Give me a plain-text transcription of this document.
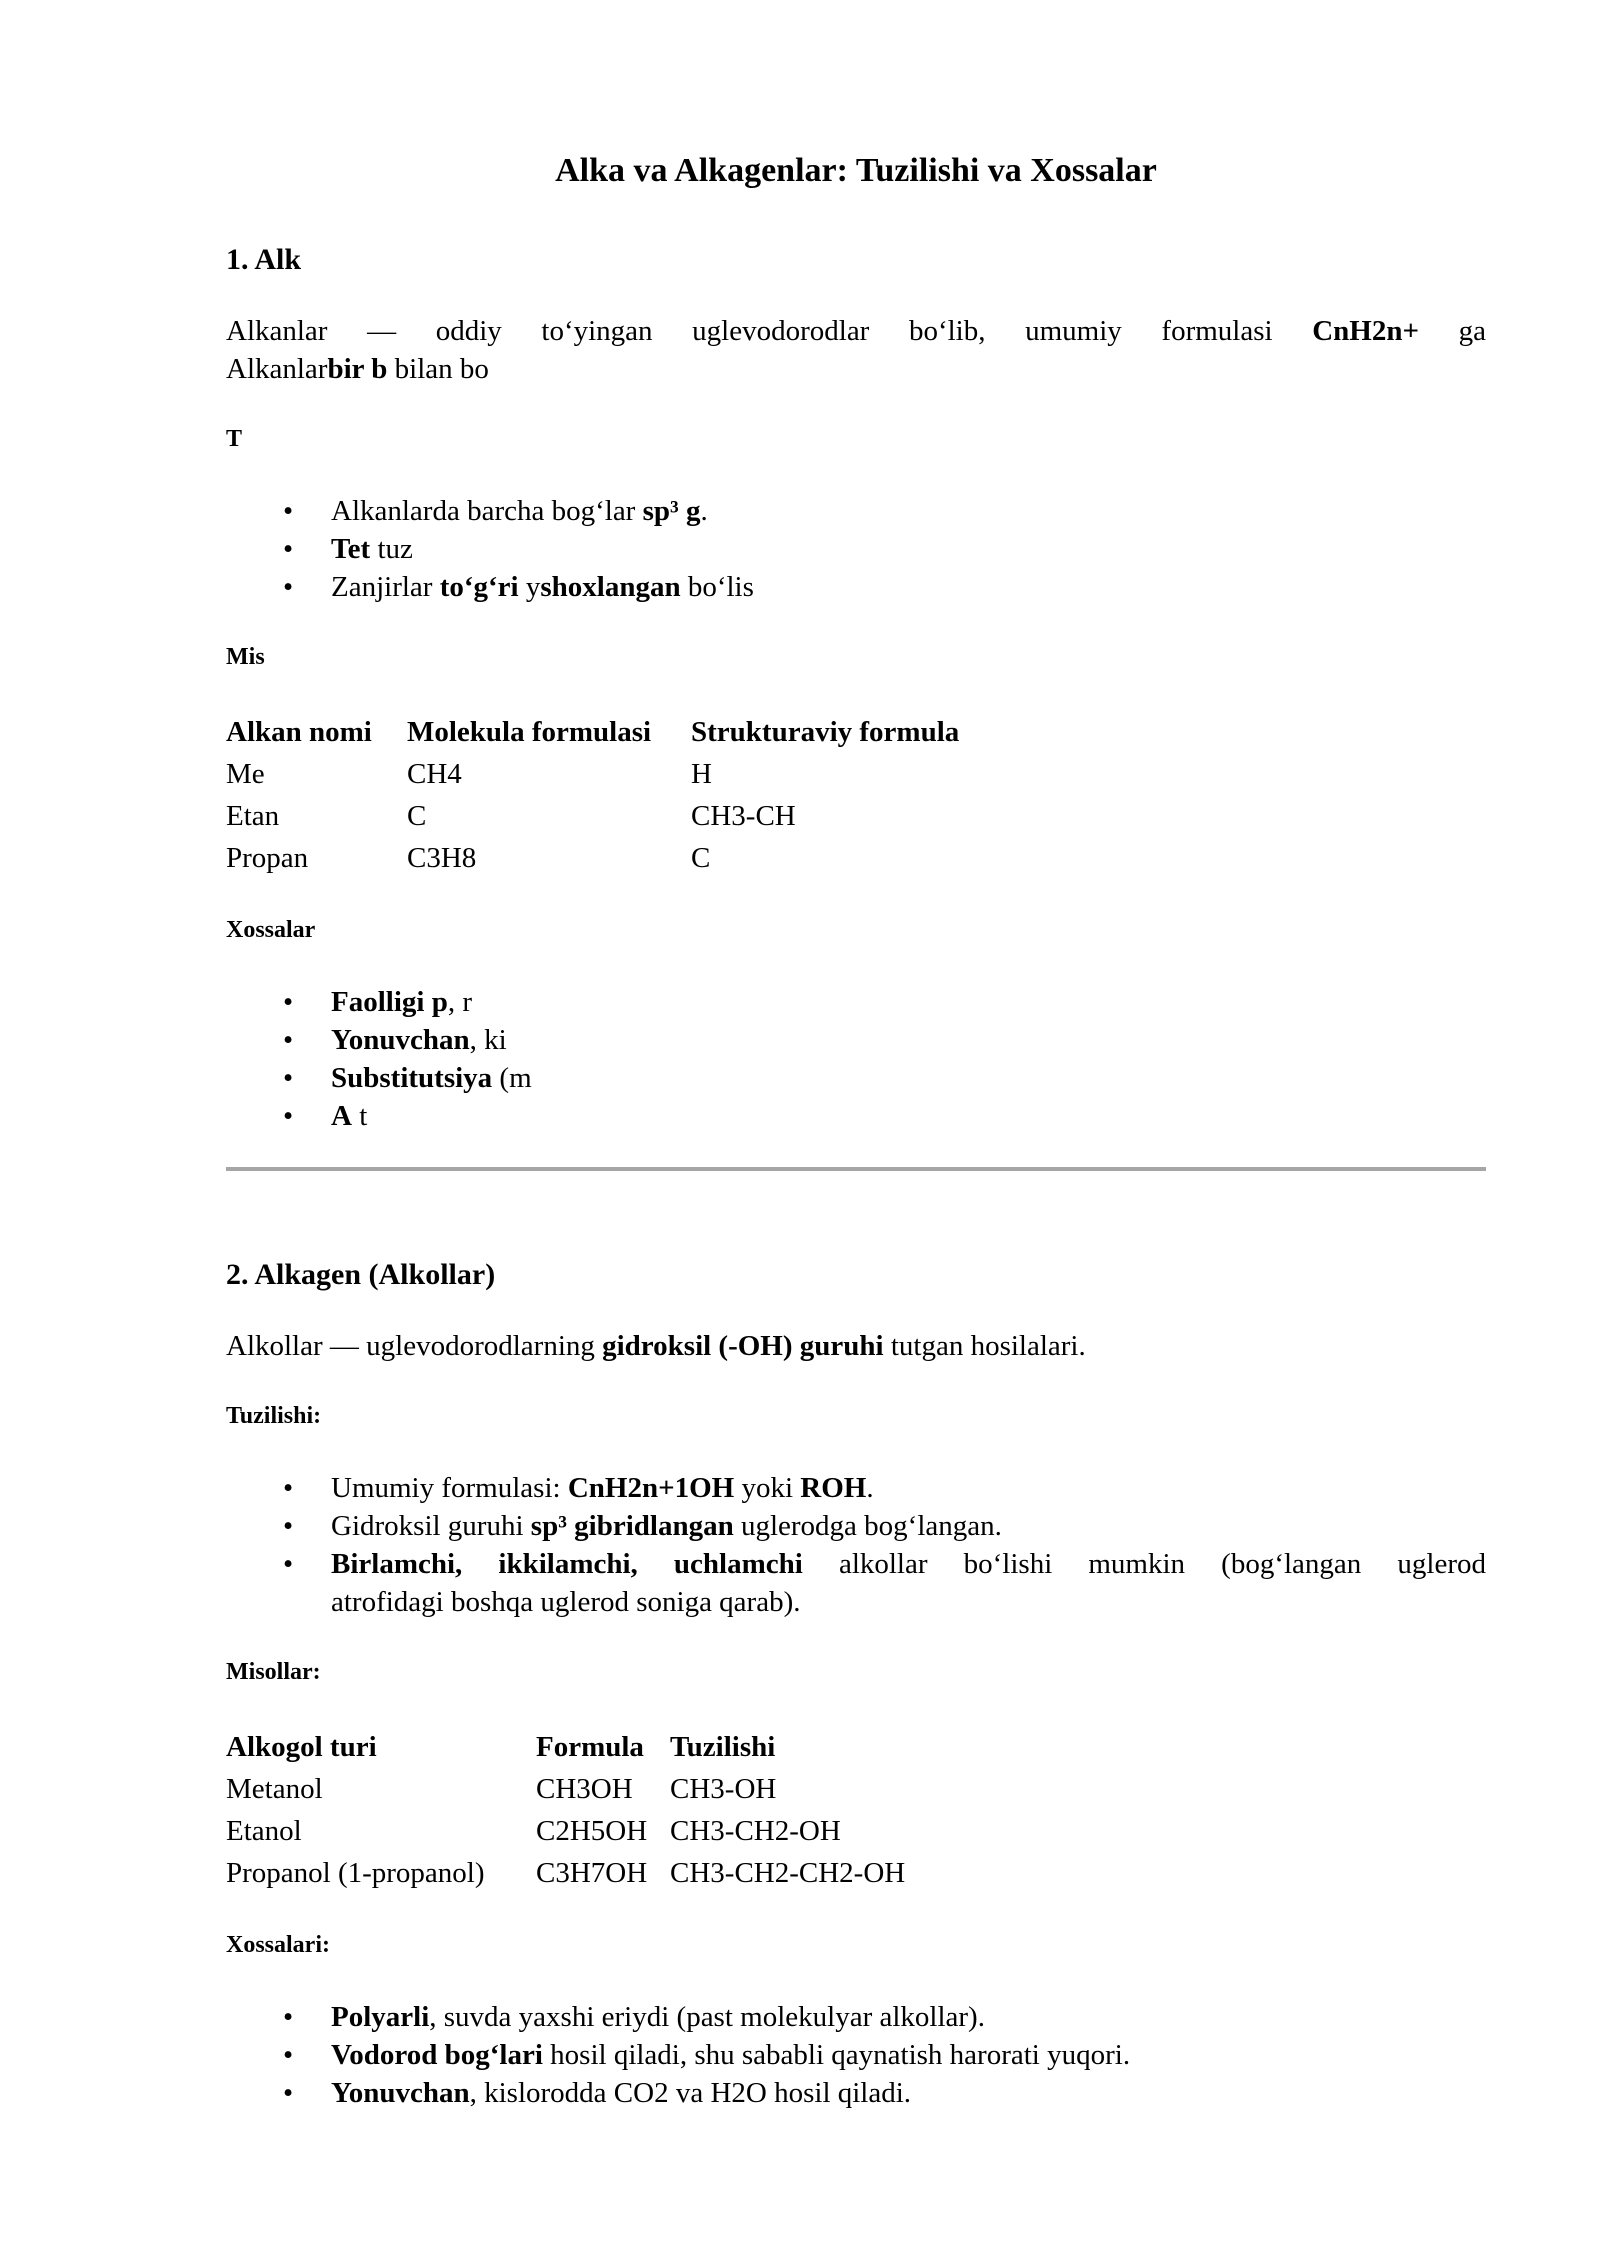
Alka va Alkagenlar: Tuzilishi va Xossalar
1. Alk

Alkanlar — oddiy to‘yingan uglevodorodlar bo‘lib, umumiy formulasi CnH2n+ ga
Alkanlarbir b bilan bo

T

• Alkanlarda barcha bog‘lar sp³ g.
• Tet tuz
• Zanjirlar to‘g‘ri yshoxlangan bo‘lis

Mis

Alkan nomi	Molekula formulasi	Strukturaviy formula
Me	CH4	H
Etan	C	CH3-CH
Propan	C3H8	C

Xossalar

• Faolligi p, r
• Yonuvchan, ki
• Substitutsiya (m
• A t
2. Alkagen (Alkollar)

Alkollar — uglevodorodlarning gidroksil (-OH) guruhi tutgan hosilalari.

Tuzilishi:

• Umumiy formulasi: CnH2n+1OH yoki ROH.
• Gidroksil guruhi sp³ gibridlangan uglerodga bog‘langan.
• Birlamchi, ikkilamchi, uchlamchi alkollar bo‘lishi mumkin (bog‘langan uglerod
atrofidagi boshqa uglerod soniga qarab).

Misollar:

Alkogol turi	Formula	Tuzilishi
Metanol	CH3OH	CH3-OH
Etanol	C2H5OH	CH3-CH2-OH
Propanol (1-propanol)	C3H7OH	CH3-CH2-CH2-OH

Xossalari:

• Polyarli, suvda yaxshi eriydi (past molekulyar alkollar).
• Vodorod bog‘lari hosil qiladi, shu sababli qaynatish harorati yuqori.
• Yonuvchan, kislorodda CO2 va H2O hosil qiladi.
